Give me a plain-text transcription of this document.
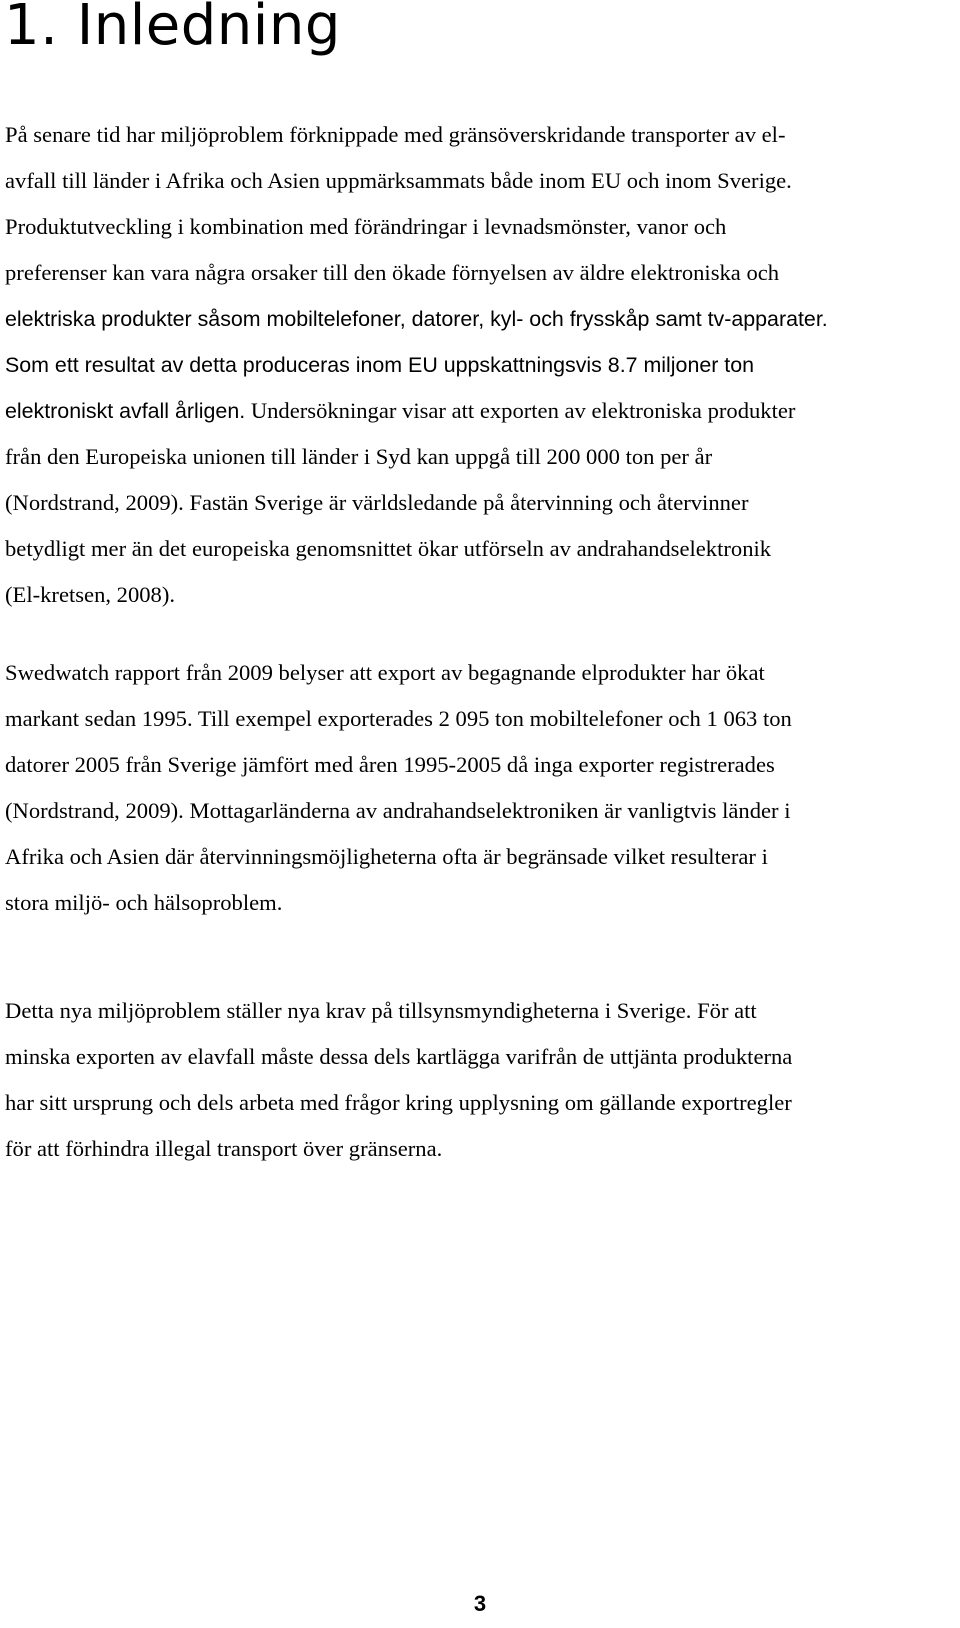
1. Inledning

På senare tid har miljöproblem förknippade med gränsöverskridande transporter av el-
avfall till länder i Afrika och Asien uppmärksammats både inom EU och inom Sverige.
Produktutveckling i kombination med förändringar i levnadsmönster, vanor och
preferenser kan vara några orsaker till den ökade förnyelsen av äldre elektroniska och
elektriska produkter såsom mobiltelefoner, datorer, kyl- och frysskåp samt tv-apparater.
Som ett resultat av detta produceras inom EU uppskattningsvis 8.7 miljoner ton
elektroniskt avfall årligen. Undersökningar visar att exporten av elektroniska produkter
från den Europeiska unionen till länder i Syd kan uppgå till 200 000 ton per år
(Nordstrand, 2009). Fastän Sverige är världsledande på återvinning och återvinner
betydligt mer än det europeiska genomsnittet ökar utförseln av andrahandselektronik
(El-kretsen, 2008).

Swedwatch rapport från 2009 belyser att export av begagnande elprodukter har ökat
markant sedan 1995. Till exempel exporterades 2 095 ton mobiltelefoner och 1 063 ton
datorer 2005 från Sverige jämfört med åren 1995-2005 då inga exporter registrerades
(Nordstrand, 2009). Mottagarländerna av andrahandselektroniken är vanligtvis länder i
Afrika och Asien där återvinningsmöjligheterna ofta är begränsade vilket resulterar i
stora miljö- och hälsoproblem.

Detta nya miljöproblem ställer nya krav på tillsynsmyndigheterna i Sverige. För att
minska exporten av elavfall måste dessa dels kartlägga varifrån de uttjänta produkterna
har sitt ursprung och dels arbeta med frågor kring upplysning om gällande exportregler
för att förhindra illegal transport över gränserna.

3
